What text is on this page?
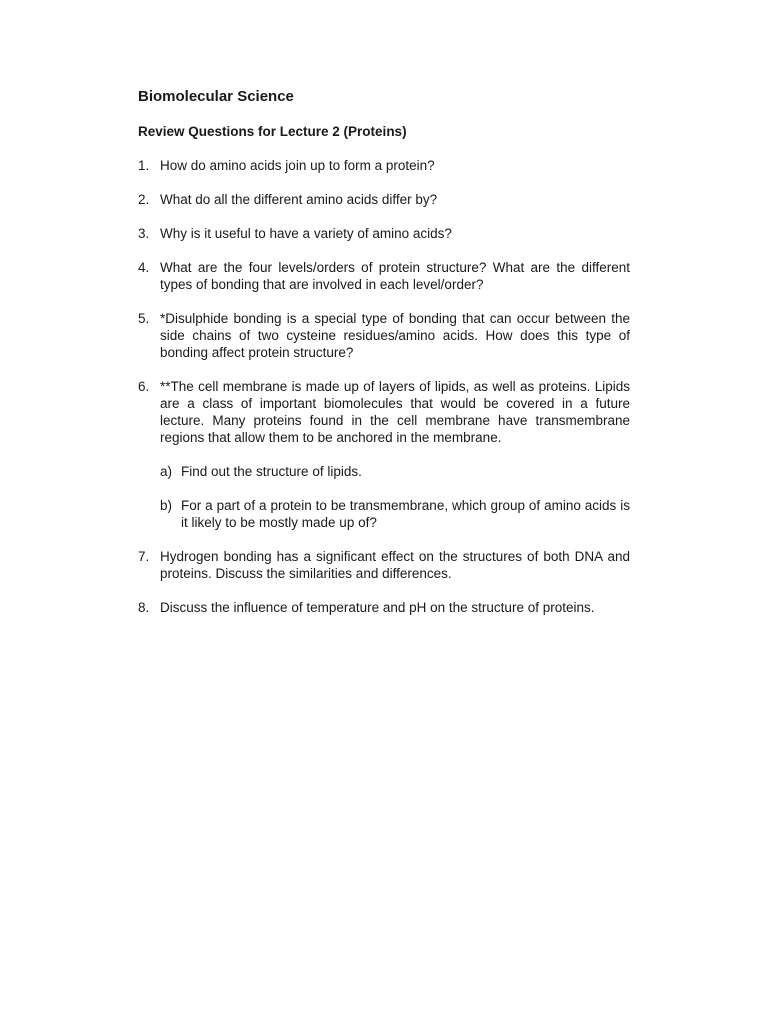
Biomolecular Science
Review Questions for Lecture 2 (Proteins)
1. How do amino acids join up to form a protein?
2. What do all the different amino acids differ by?
3. Why is it useful to have a variety of amino acids?
4. What are the four levels/orders of protein structure? What are the different types of bonding that are involved in each level/order?
5. *Disulphide bonding is a special type of bonding that can occur between the side chains of two cysteine residues/amino acids. How does this type of bonding affect protein structure?
6. **The cell membrane is made up of layers of lipids, as well as proteins. Lipids are a class of important biomolecules that would be covered in a future lecture. Many proteins found in the cell membrane have transmembrane regions that allow them to be anchored in the membrane.
a) Find out the structure of lipids.
b) For a part of a protein to be transmembrane, which group of amino acids is it likely to be mostly made up of?
7. Hydrogen bonding has a significant effect on the structures of both DNA and proteins. Discuss the similarities and differences.
8. Discuss the influence of temperature and pH on the structure of proteins.
